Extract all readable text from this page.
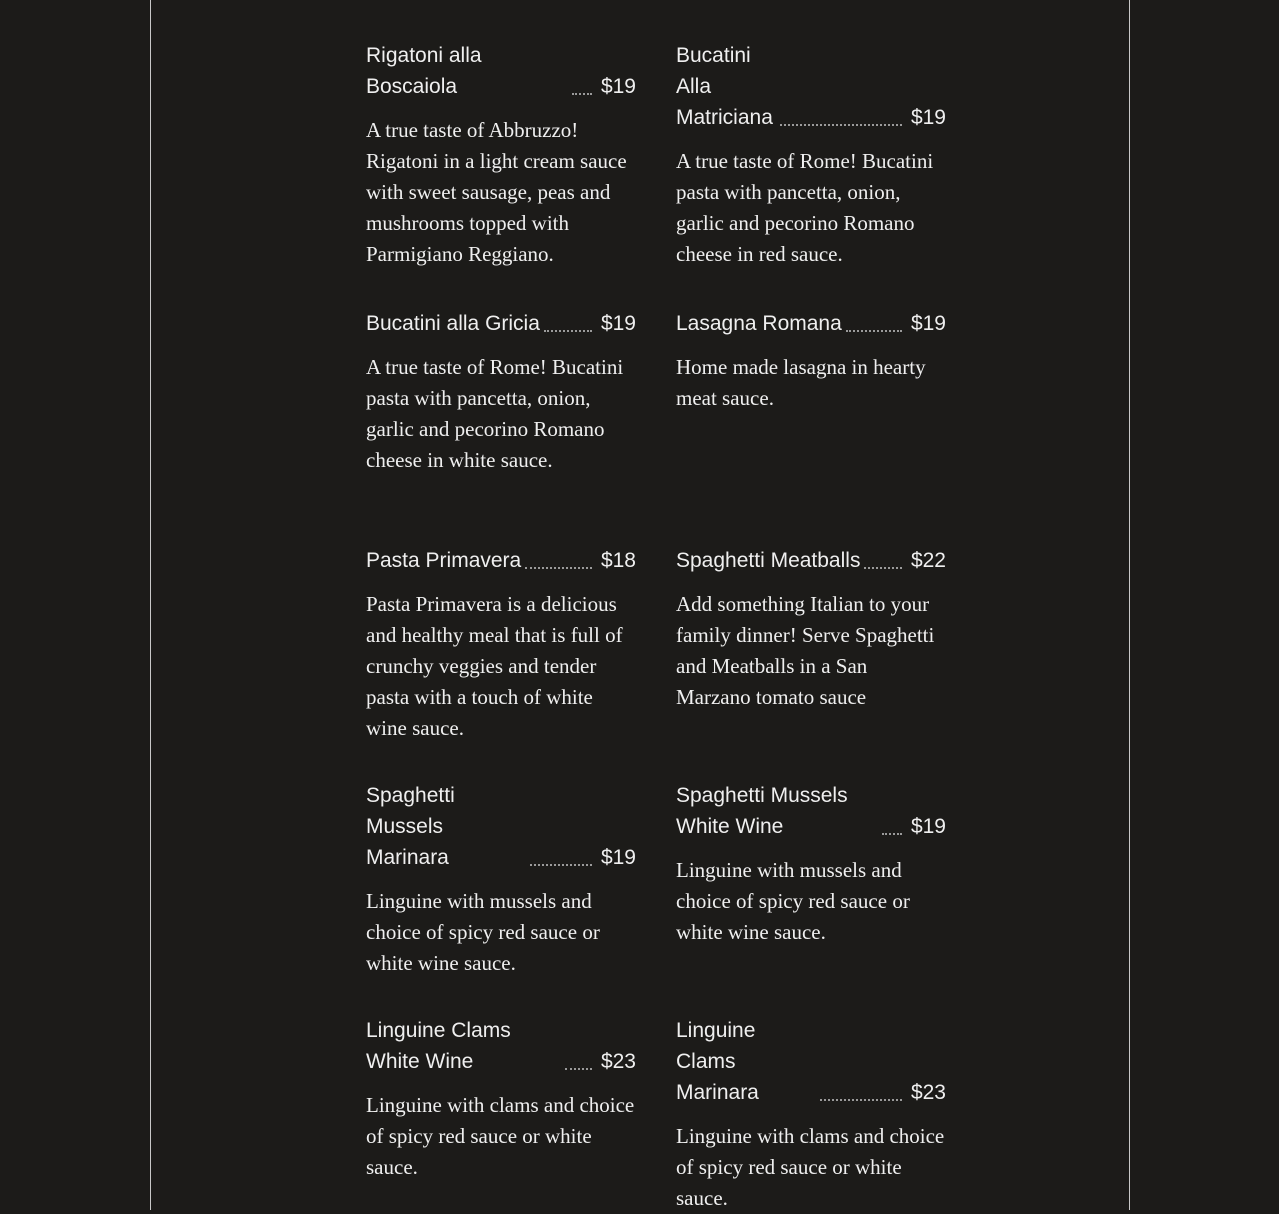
Rigatoni alla Boscaiola	$19
A true taste of Abbruzzo! Rigatoni in a light cream sauce with sweet sausage, peas and mushrooms topped with Parmigiano Reggiano.
Bucatini Alla Matriciana	$19
A true taste of Rome! Bucatini pasta with pancetta, onion, garlic and pecorino Romano cheese in red sauce.
Bucatini alla Gricia	$19
A true taste of Rome! Bucatini pasta with pancetta, onion, garlic and pecorino Romano cheese in white sauce.
Lasagna Romana	$19
Home made lasagna in hearty meat sauce.
Pasta Primavera	$18
Pasta Primavera is a delicious and healthy meal that is full of crunchy veggies and tender pasta with a touch of white wine sauce.
Spaghetti Meatballs $22
Add something Italian to your family dinner! Serve Spaghetti and Meatballs in a San Marzano tomato sauce
Spaghetti Mussels Marinara	$19
Linguine with mussels and choice of spicy red sauce or white wine sauce.
Spaghetti Mussels White Wine	$19
Linguine with mussels and choice of spicy red sauce or white wine sauce.
Linguine Clams White Wine	$23
Linguine with clams and choice of spicy red sauce or white sauce.
Linguine Clams Marinara	$23
Linguine with clams and choice of spicy red sauce or white sauce.
